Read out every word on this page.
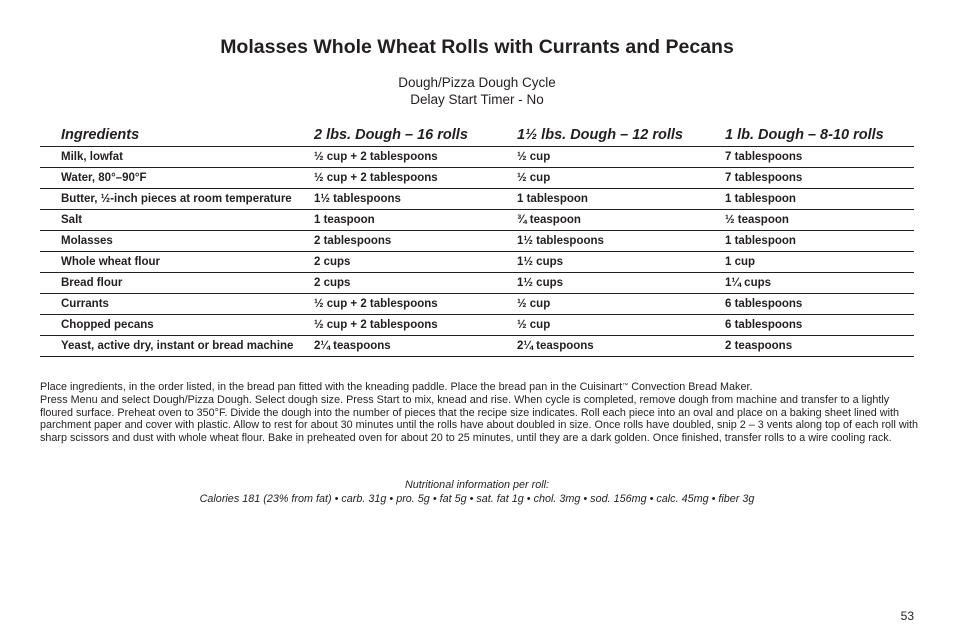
Molasses Whole Wheat Rolls with Currants and Pecans
Dough/Pizza Dough Cycle
Delay Start Timer - No
Ingredients	2 lbs. Dough – 16 rolls	1½ lbs. Dough – 12 rolls	1 lb. Dough – 8-10 rolls
Milk, lowfat	½ cup + 2 tablespoons	½ cup	7 tablespoons
Water, 80°–90°F	½ cup + 2 tablespoons	½ cup	7 tablespoons
Butter, ½-inch pieces at room temperature	1½ tablespoons	1 tablespoon	1 tablespoon
Salt	1 teaspoon	¾ teaspoon	½ teaspoon
Molasses	2 tablespoons	1½ tablespoons	1 tablespoon
Whole wheat flour	2 cups	1½ cups	1 cup
Bread flour	2 cups	1½ cups	1¼ cups
Currants	½ cup + 2 tablespoons	½ cup	6 tablespoons
Chopped pecans	½ cup + 2 tablespoons	½ cup	6 tablespoons
Yeast, active dry, instant or bread machine	2¼ teaspoons	2¼ teaspoons	2 teaspoons

Place ingredients, in the order listed, in the bread pan fitted with the kneading paddle. Place the bread pan in the Cuisinart™ Convection Bread Maker.

Press Menu and select Dough/Pizza Dough. Select dough size. Press Start to mix, knead and rise. When cycle is completed, remove dough from machine and transfer to a lightly floured surface. Preheat oven to 350°F. Divide the dough into the number of pieces that the recipe size indicates. Roll each piece into an oval and place on a baking sheet lined with parchment paper and cover with plastic. Allow to rest for about 30 minutes until the rolls have about doubled in size. Once rolls have doubled, snip 2 – 3 vents along top of each roll with sharp scissors and dust with whole wheat flour. Bake in preheated oven for about 20 to 25 minutes, until they are a dark golden. Once finished, transfer rolls to a wire cooling rack.

Nutritional information per roll:
Calories 181 (23% from fat) • carb. 31g • pro. 5g • fat 5g • sat. fat 1g • chol. 3mg • sod. 156mg • calc. 45mg • fiber 3g
53
